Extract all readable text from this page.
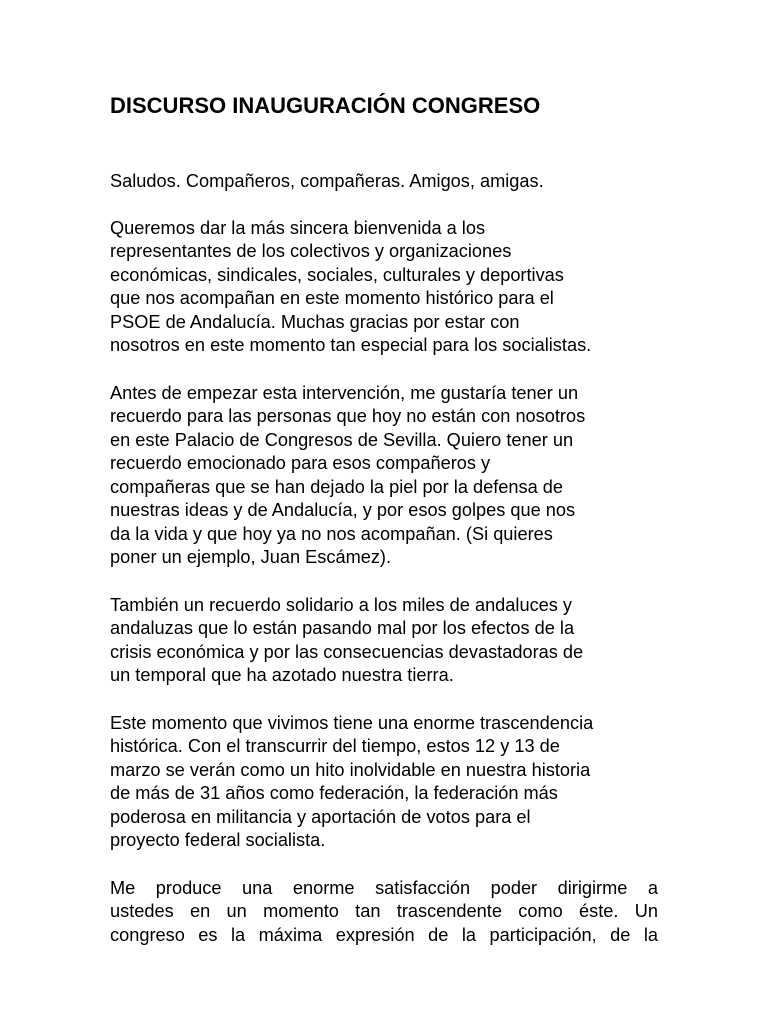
DISCURSO INAUGURACIÓN CONGRESO

Saludos. Compañeros, compañeras. Amigos, amigas.

Queremos dar la más sincera bienvenida a los
representantes de los colectivos y organizaciones
económicas, sindicales, sociales, culturales y deportivas
que nos acompañan en este momento histórico para el
PSOE de Andalucía. Muchas gracias por estar con
nosotros en este momento tan especial para los socialistas.

Antes de empezar esta intervención, me gustaría tener un
recuerdo para las personas que hoy no están con nosotros
en este Palacio de Congresos de Sevilla. Quiero tener un
recuerdo emocionado para esos compañeros y
compañeras que se han dejado la piel por la defensa de
nuestras ideas y de Andalucía, y por esos golpes que nos
da la vida y que hoy ya no nos acompañan. (Si quieres
poner un ejemplo, Juan Escámez).

También un recuerdo solidario a los miles de andaluces y
andaluzas que lo están pasando mal por los efectos de la
crisis económica y por las consecuencias devastadoras de
un temporal que ha azotado nuestra tierra.

Este momento que vivimos tiene una enorme trascendencia
histórica. Con el transcurrir del tiempo, estos 12 y 13 de
marzo se verán como un hito inolvidable en nuestra historia
de más de 31 años como federación, la federación más
poderosa en militancia y aportación de votos para el
proyecto federal socialista.

Me produce una enorme satisfacción poder dirigirme a
ustedes en un momento tan trascendente como éste. Un
congreso es la máxima expresión de la participación, de la
